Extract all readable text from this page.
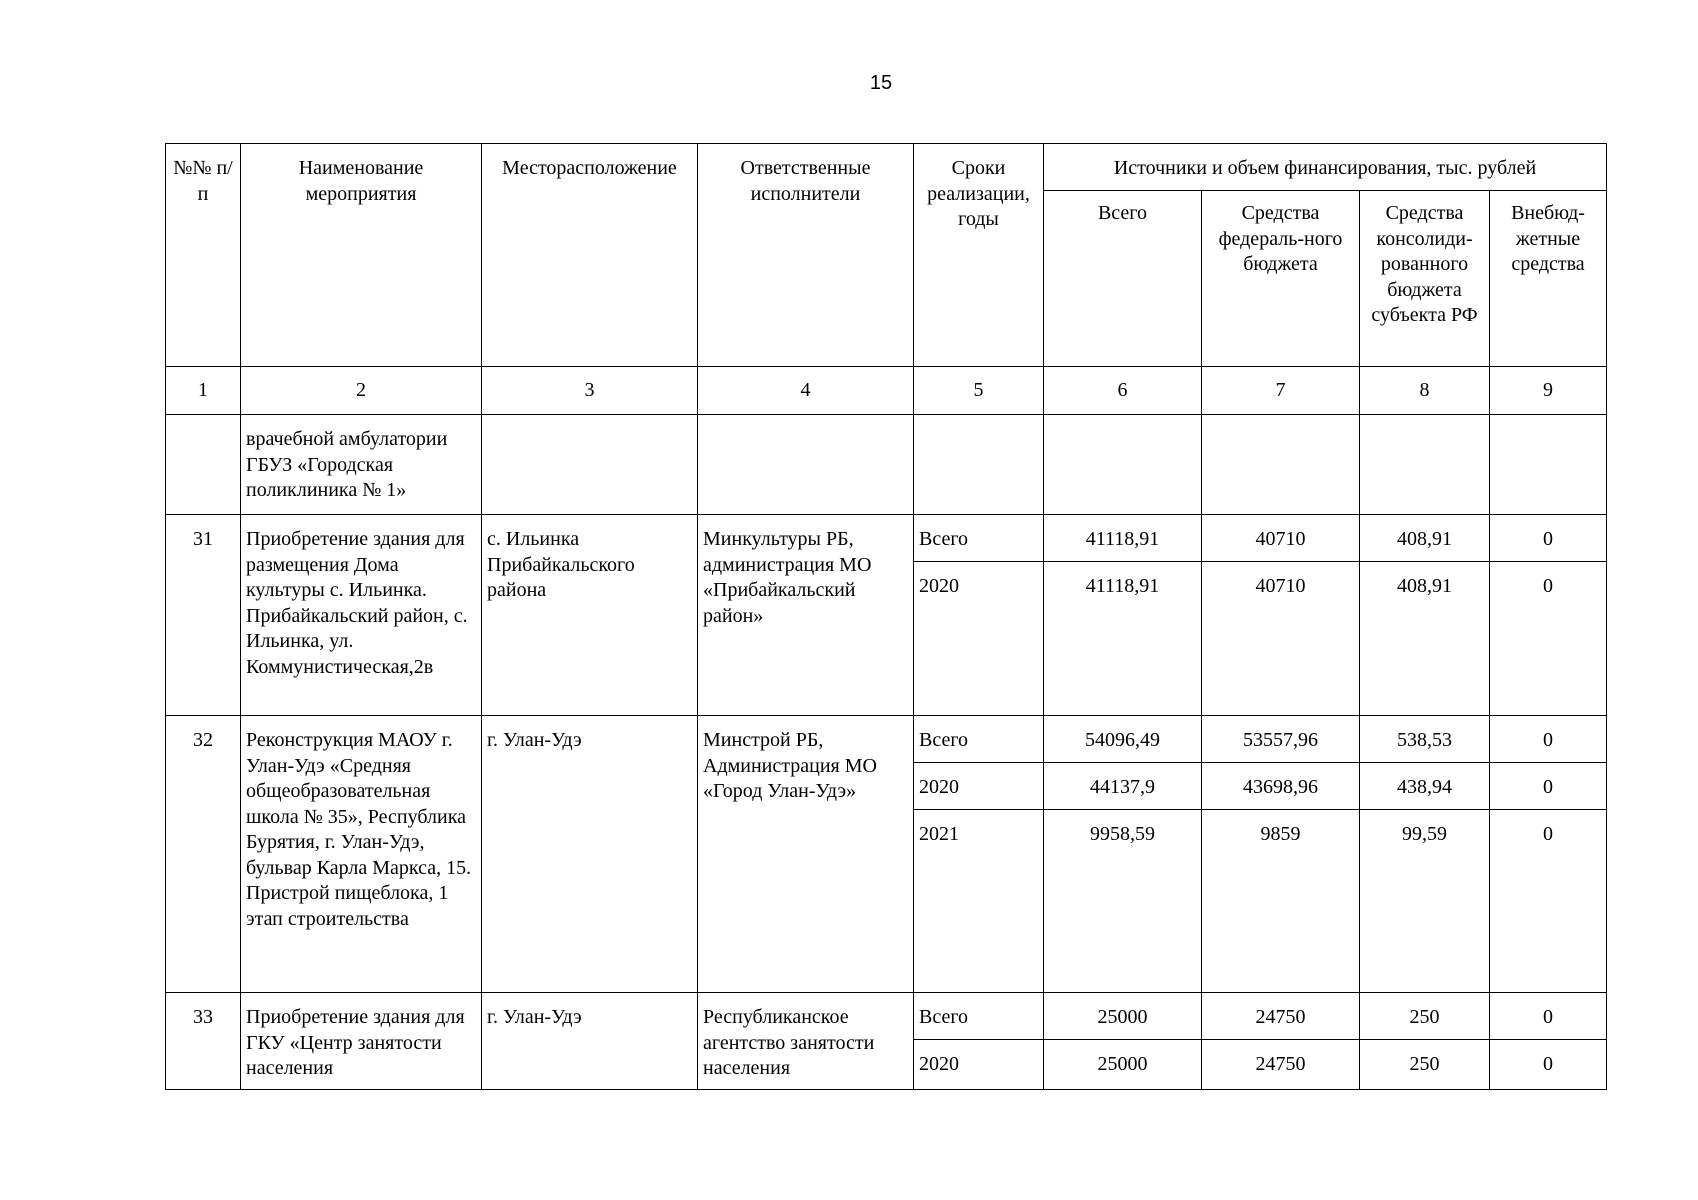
15
№№ п/п	Наименование мероприятия	Месторасположение	Ответственные исполнители	Сроки реализации, годы	Источники и объем финансирования, тыс. рублей			
					Всего	Средства федераль-ного бюджета	Средства консолиди-рованного бюджета субъекта РФ	Внебюд-жетные средства
1	2	3	4	5	6	7	8	9
	врачебной амбулатории ГБУЗ «Городская поликлиника № 1»							
31	Приобретение здания для размещения Дома культуры с. Ильинка. Прибайкальский район, с. Ильинка, ул. Коммунистическая,2в	с. Ильинка Прибайкальского района	Минкультуры РБ, администрация МО «Прибайкальский район»	Всего	41118,91	40710	408,91	0
				2020	41118,91	40710	408,91	0
32	Реконструкция МАОУ г. Улан-Удэ «Средняя общеобразовательная школа № 35», Республика Бурятия, г. Улан-Удэ, бульвар Карла Маркса, 15. Пристрой пищеблока, 1 этап строительства	г. Улан-Удэ	Минстрой РБ, Администрация МО «Город Улан-Удэ»	Всего	54096,49	53557,96	538,53	0
				2020	44137,9	43698,96	438,94	0
				2021	9958,59	9859	99,59	0
33	Приобретение здания для ГКУ «Центр занятости населения	г. Улан-Удэ	Республиканское агентство занятости населения	Всего	25000	24750	250	0
				2020	25000	24750	250	0
